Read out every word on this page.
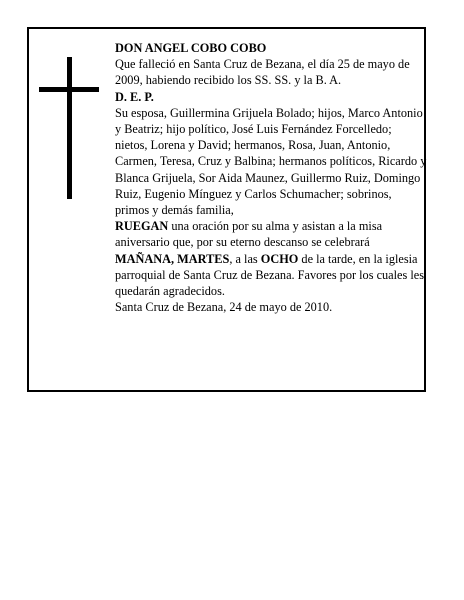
DON ANGEL COBO COBO

Que falleció en Santa Cruz de Bezana, el día 25 de mayo de 2009, habiendo recibido los SS. SS. y la B. A.

D. E. P.

Su esposa, Guillermina Grijuela Bolado; hijos, Marco Antonio y Beatriz; hijo político, José Luis Fernández Forcelledo; nietos, Lorena y David; hermanos, Rosa, Juan, Antonio, Carmen, Teresa, Cruz y Balbina; hermanos políticos, Ricardo y Blanca Grijuela, Sor Aida Maunez, Guillermo Ruiz, Domingo Ruiz, Eugenio Mínguez y Carlos Schumacher; sobrinos, primos y demás familia,

RUEGAN una oración por su alma y asistan a la misa aniversario que, por su eterno descanso se celebrará MAÑANA, MARTES, a las OCHO de la tarde, en la iglesia parroquial de Santa Cruz de Bezana. Favores por los cuales les quedarán agradecidos.

Santa Cruz de Bezana, 24 de mayo de 2010.
